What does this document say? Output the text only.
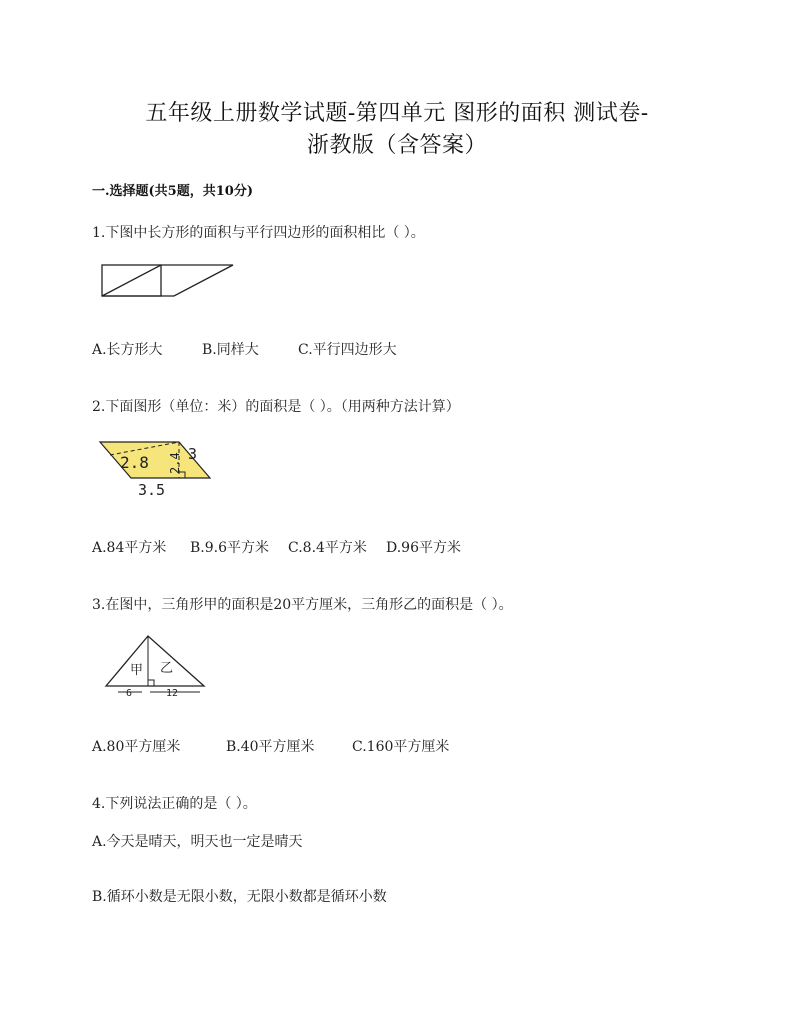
五年级上册数学试题-第四单元 图形的面积 测试卷-
浙教版（含答案）
一.选择题(共5题，共10分)
1.下图中长方形的面积与平行四边形的面积相比（ ）。
A.长方形大	B.同样大	C.平行四边形大
2.下面图形（单位：米）的面积是（ ）。（用两种方法计算）
2.8 2.4 3
3.5
A.84平方米 B.9.6平方米 C.8.4平方米 D.96平方米
3.在图中，三角形甲的面积是20平方厘米，三角形乙的面积是（ ）。
甲 乙
6	12
A.80平方厘米	B.40平方厘米	C.160平方厘米
4.下列说法正确的是（ ）。
A.今天是晴天，明天也一定是晴天
B.循环小数是无限小数，无限小数都是循环小数
